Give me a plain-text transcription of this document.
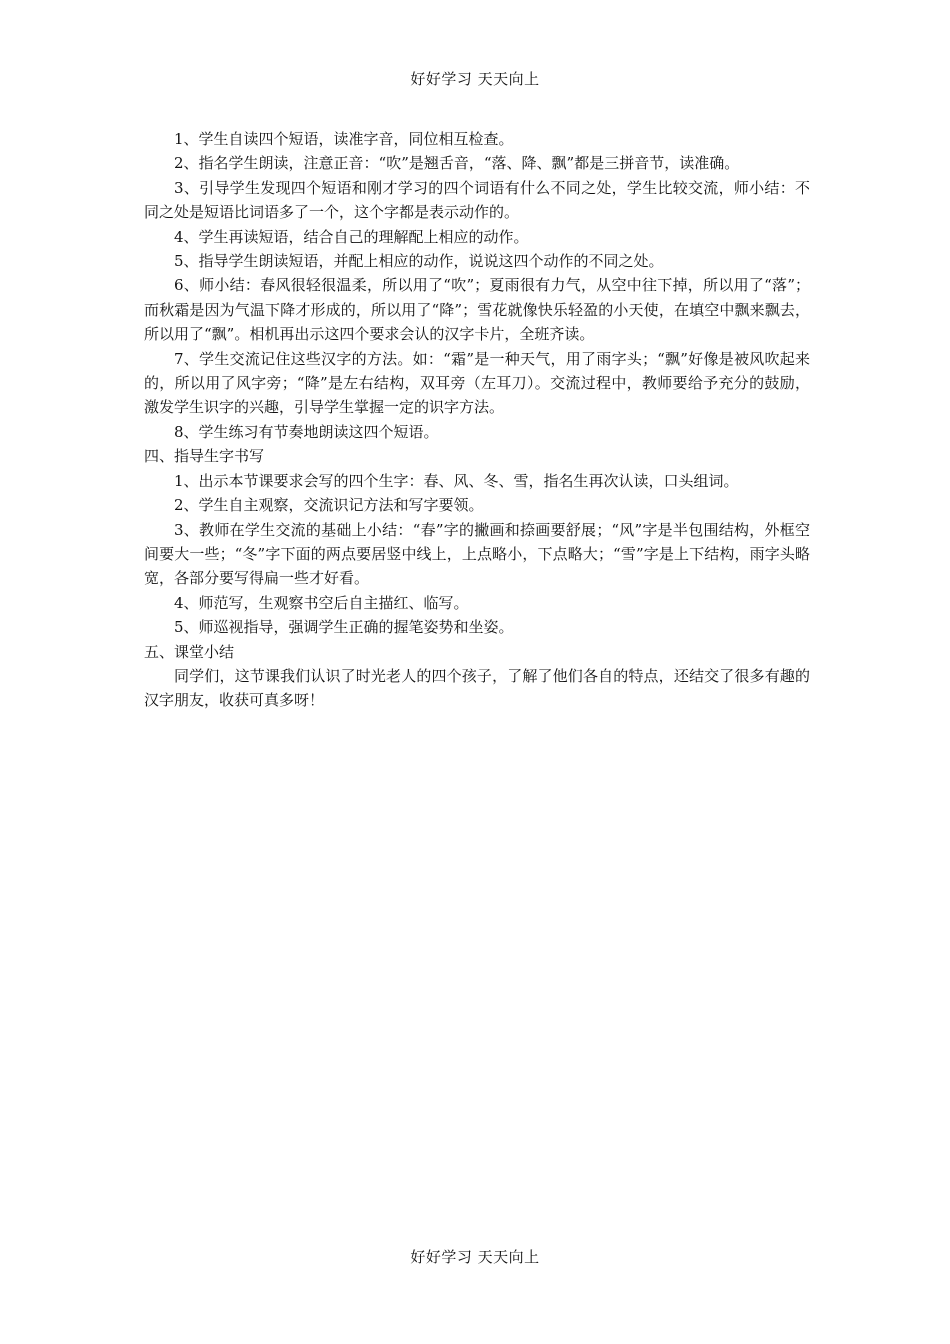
好好学习 天天向上

1、学生自读四个短语，读准字音，同位相互检查。

2、指名学生朗读，注意正音：“吹”是翘舌音，“落、降、飘”都是三拼音节，读准确。

3、引导学生发现四个短语和刚才学习的四个词语有什么不同之处，学生比较交流，师小结：不同之处是短语比词语多了一个，这个字都是表示动作的。

4、学生再读短语，结合自己的理解配上相应的动作。

5、指导学生朗读短语，并配上相应的动作，说说这四个动作的不同之处。

6、师小结：春风很轻很温柔，所以用了“吹”；夏雨很有力气，从空中往下掉，所以用了“落”；而秋霜是因为气温下降才形成的，所以用了“降”；雪花就像快乐轻盈的小天使，在填空中飘来飘去，所以用了“飘”。相机再出示这四个要求会认的汉字卡片，全班齐读。

7、学生交流记住这些汉字的方法。如：“霜”是一种天气，用了雨字头；“飘”好像是被风吹起来的，所以用了风字旁；“降”是左右结构，双耳旁（左耳刀）。交流过程中，教师要给予充分的鼓励，激发学生识字的兴趣，引导学生掌握一定的识字方法。

8、学生练习有节奏地朗读这四个短语。

四、指导生字书写

1、出示本节课要求会写的四个生字：春、风、冬、雪，指名生再次认读，口头组词。

2、学生自主观察，交流识记方法和写字要领。

3、教师在学生交流的基础上小结：“春”字的撇画和捺画要舒展；“风”字是半包围结构，外框空间要大一些；“冬”字下面的两点要居竖中线上，上点略小，下点略大；“雪”字是上下结构，雨字头略宽，各部分要写得扁一些才好看。

4、师范写，生观察书空后自主描红、临写。

5、师巡视指导，强调学生正确的握笔姿势和坐姿。

五、课堂小结

同学们，这节课我们认识了时光老人的四个孩子，了解了他们各自的特点，还结交了很多有趣的汉字朋友，收获可真多呀！

好好学习 天天向上
